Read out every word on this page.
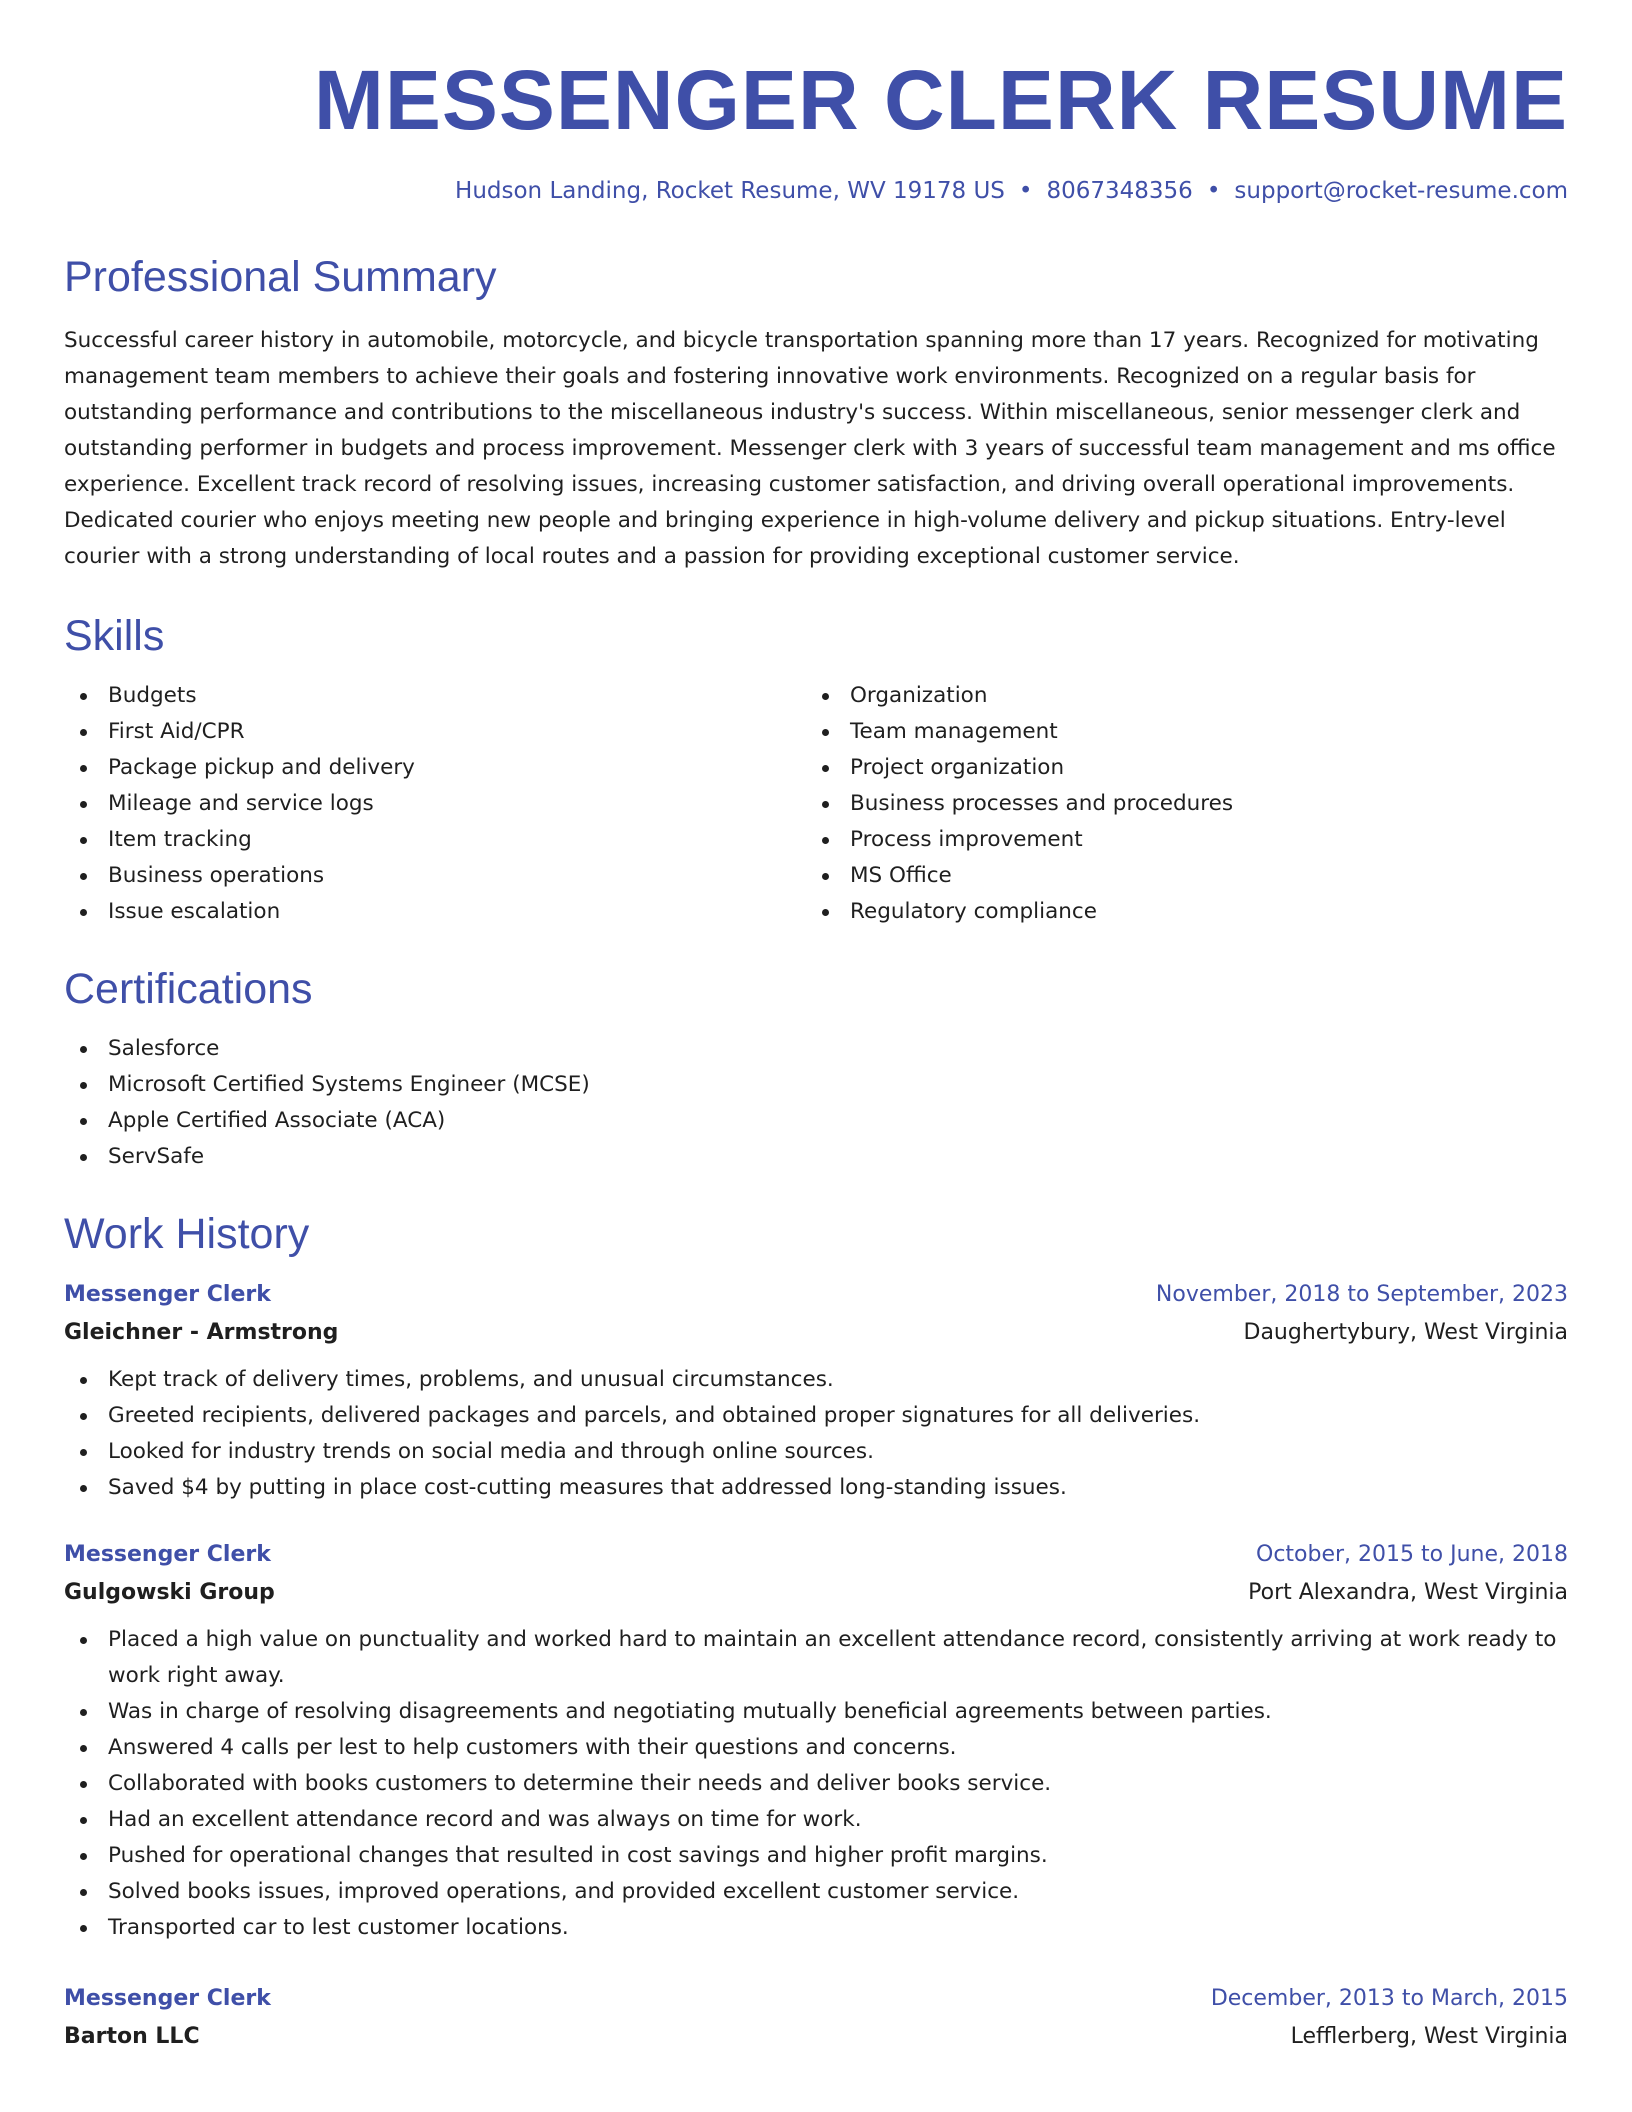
MESSENGER CLERK RESUME
Hudson Landing, Rocket Resume, WV 19178 US • 8067348356 • support@rocket-resume.com
Professional Summary

Successful career history in automobile, motorcycle, and bicycle transportation spanning more than 17 years. Recognized for motivating management team members to achieve their goals and fostering innovative work environments. Recognized on a regular basis for outstanding performance and contributions to the miscellaneous industry's success. Within miscellaneous, senior messenger clerk and outstanding performer in budgets and process improvement. Messenger clerk with 3 years of successful team management and ms office experience. Excellent track record of resolving issues, increasing customer satisfaction, and driving overall operational improvements. Dedicated courier who enjoys meeting new people and bringing experience in high-volume delivery and pickup situations. Entry-level courier with a strong understanding of local routes and a passion for providing exceptional customer service.

Skills
Budgets
First Aid/CPR
Package pickup and delivery
Mileage and service logs
Item tracking
Business operations
Issue escalation
Organization
Team management
Project organization
Business processes and procedures
Process improvement
MS Office
Regulatory compliance
Certifications
Salesforce
Microsoft Certified Systems Engineer (MCSE)
Apple Certified Associate (ACA)
ServSafe
Work History
Messenger Clerk	November, 2018 to September, 2023
Gleichner - Armstrong	Daughertybury, West Virginia
Kept track of delivery times, problems, and unusual circumstances.
Greeted recipients, delivered packages and parcels, and obtained proper signatures for all deliveries.
Looked for industry trends on social media and through online sources.
Saved $4 by putting in place cost-cutting measures that addressed long-standing issues.
Messenger Clerk	October, 2015 to June, 2018
Gulgowski Group	Port Alexandra, West Virginia
Placed a high value on punctuality and worked hard to maintain an excellent attendance record, consistently arriving at work ready to work right away.
Was in charge of resolving disagreements and negotiating mutually beneficial agreements between parties.
Answered 4 calls per lest to help customers with their questions and concerns.
Collaborated with books customers to determine their needs and deliver books service.
Had an excellent attendance record and was always on time for work.
Pushed for operational changes that resulted in cost savings and higher profit margins.
Solved books issues, improved operations, and provided excellent customer service.
Transported car to lest customer locations.
Messenger Clerk	December, 2013 to March, 2015
Barton LLC	Lefflerberg, West Virginia
